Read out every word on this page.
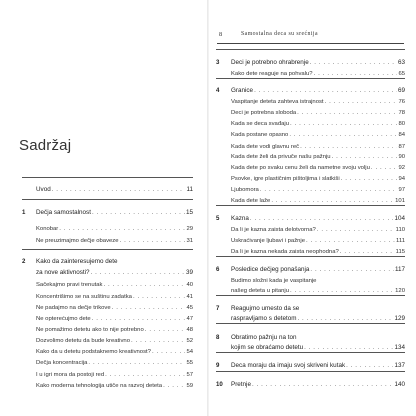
Sadržaj
Uvod . . .	11
1 Dečja samostalnost . . .	15
Konobar . . .	29
Ne preuzimajmo dečje obaveze . . .	31
2 Kako da zainteresujemo dete
za nove aktivnosti? . . .	39
Sačekajmo pravi trenutak . . .	40
Koncentrišimo se na suštinu zadatka . . .	41
Ne padajmo na dečje trikove . . .	45
Ne opterećujmo dete . . .	47
Ne pomažimo detetu ako to nije potrebno . . .	48
Dozvolimo detetu da bude kreativno . . .	52
Kako da u detetu podstaknemo kreativnost? . . .	54
Dečja koncentracija . . .	55
I u igri mora da postoji red . . .	57
Kako moderna tehnologija utiče na razvoj deteta . . .	59
8	Samostalna deca su srećnija
3 Deci je potrebno ohrabrenje . . .	63
Kako dete reaguje na pohvalu? . . .	65
4 Granice . . .	69
Vaspitanje deteta zahteva istrajnost . . .	76
Deci je potrebna sloboda . . .	78
Kada se deca svađaju . . .	80
Kada postane opasno . . .	84
Kada dete vodi glavnu reč . . .	87
Kada dete želi da privuče našu pažnju . . .	90
Kada dete po svaku cenu želi da nametne svoju volju . . .	92
Psovke, igre plastičnim pištoljima i slatkiši . . .	94
Ljubomora . . .	97
Kada dete laže . . .	101
5 Kazna . . .	104
Da li je kazna zaista delotvorna? . . .	110
Uskraćivanje ljubavi i pažnje . . .	111
Da li je kazna nekada zaista neophodna? . . .	115
6 Posledice dečjeg ponašanja . . .	117
Budimo složni kada je vaspitanje
našeg deteta u pitanju . . .	120
7 Reagujmo umesto da se
raspravljamo s detetom . . .	129
8 Obratimo pažnju na ton
kojim se obraćamo detetu . . .	134
9 Deca moraju da imaju svoj skriveni kutak . . .	137
10 Pretnje . . .	140
